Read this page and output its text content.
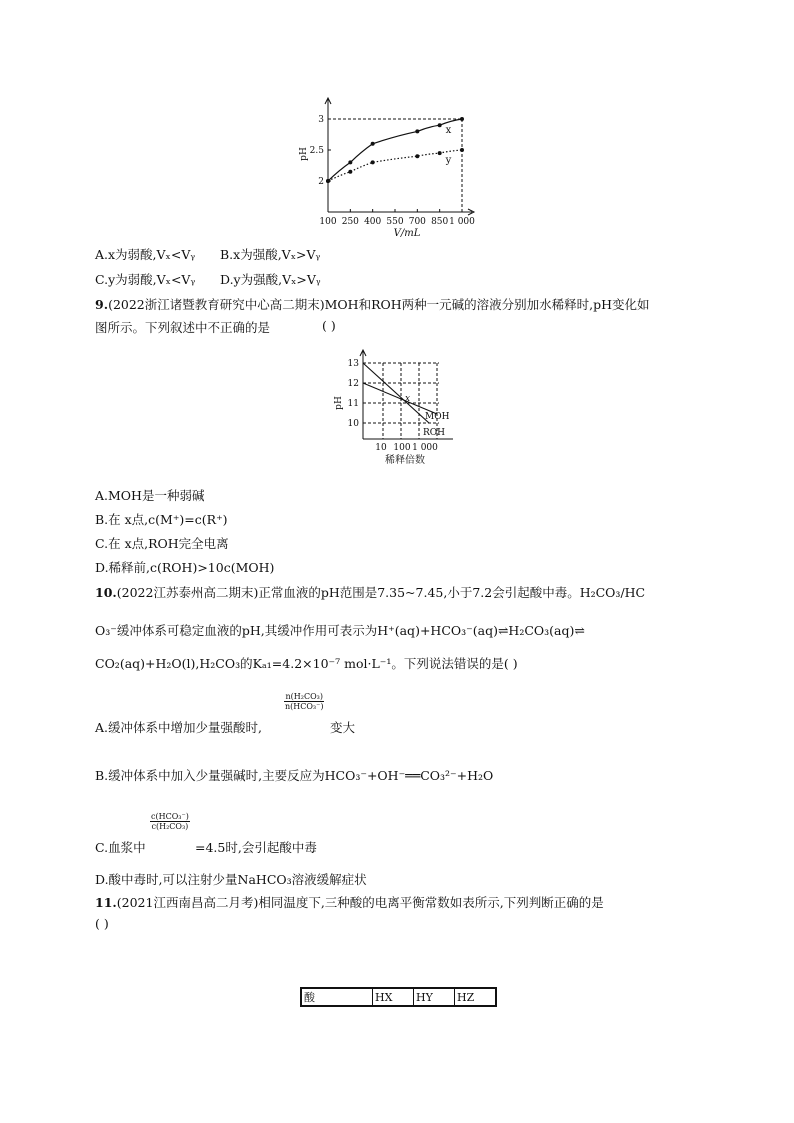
2
2.5
3
100 250 400 550 700 850 1 000
pH
V/mL
x
y
A.x为弱酸,Vₓ<Vᵧ B.x为强酸,Vₓ>Vᵧ
C.y为弱酸,Vₓ<Vᵧ D.y为强酸,Vₓ>Vᵧ
9.(2022浙江诸暨教育研究中心高二期末)MOH和ROH两种一元碱的溶液分别加水稀释时,pH变化如
图所示。下列叙述中不正确的是	( )
10
11
12
13
10 100 1 000
pH
稀释倍数
x
MOH
ROH
A.MOH是一种弱碱
B.在 x点,c(M⁺)=c(R⁺)
C.在 x点,ROH完全电离
D.稀释前,c(ROH)>10c(MOH)
10.(2022江苏泰州高二期末)正常血液的pH范围是7.35~7.45,小于7.2会引起酸中毒。H₂CO₃/HC
O₃⁻缓冲体系可稳定血液的pH,其缓冲作用可表示为H⁺(aq)+HCO₃⁻(aq)⇌H₂CO₃(aq)⇌
CO₂(aq)+H₂O(l),H₂CO₃的Kₐ₁=4.2×10⁻⁷ mol·L⁻¹。下列说法错误的是( )
A.缓冲体系中增加少量强酸时,
n(H₂CO₃)
n(HCO₃⁻)
变大
B.缓冲体系中加入少量强碱时,主要反应为HCO₃⁻+OH⁻══CO₃²⁻+H₂O
C.血浆中
c(HCO₃⁻)
c(H₂CO₃)
=4.5时,会引起酸中毒
D.酸中毒时,可以注射少量NaHCO₃溶液缓解症状
11.(2021江西南昌高二月考)相同温度下,三种酸的电离平衡常数如表所示,下列判断正确的是
( )
酸	HX	HY	HZ
